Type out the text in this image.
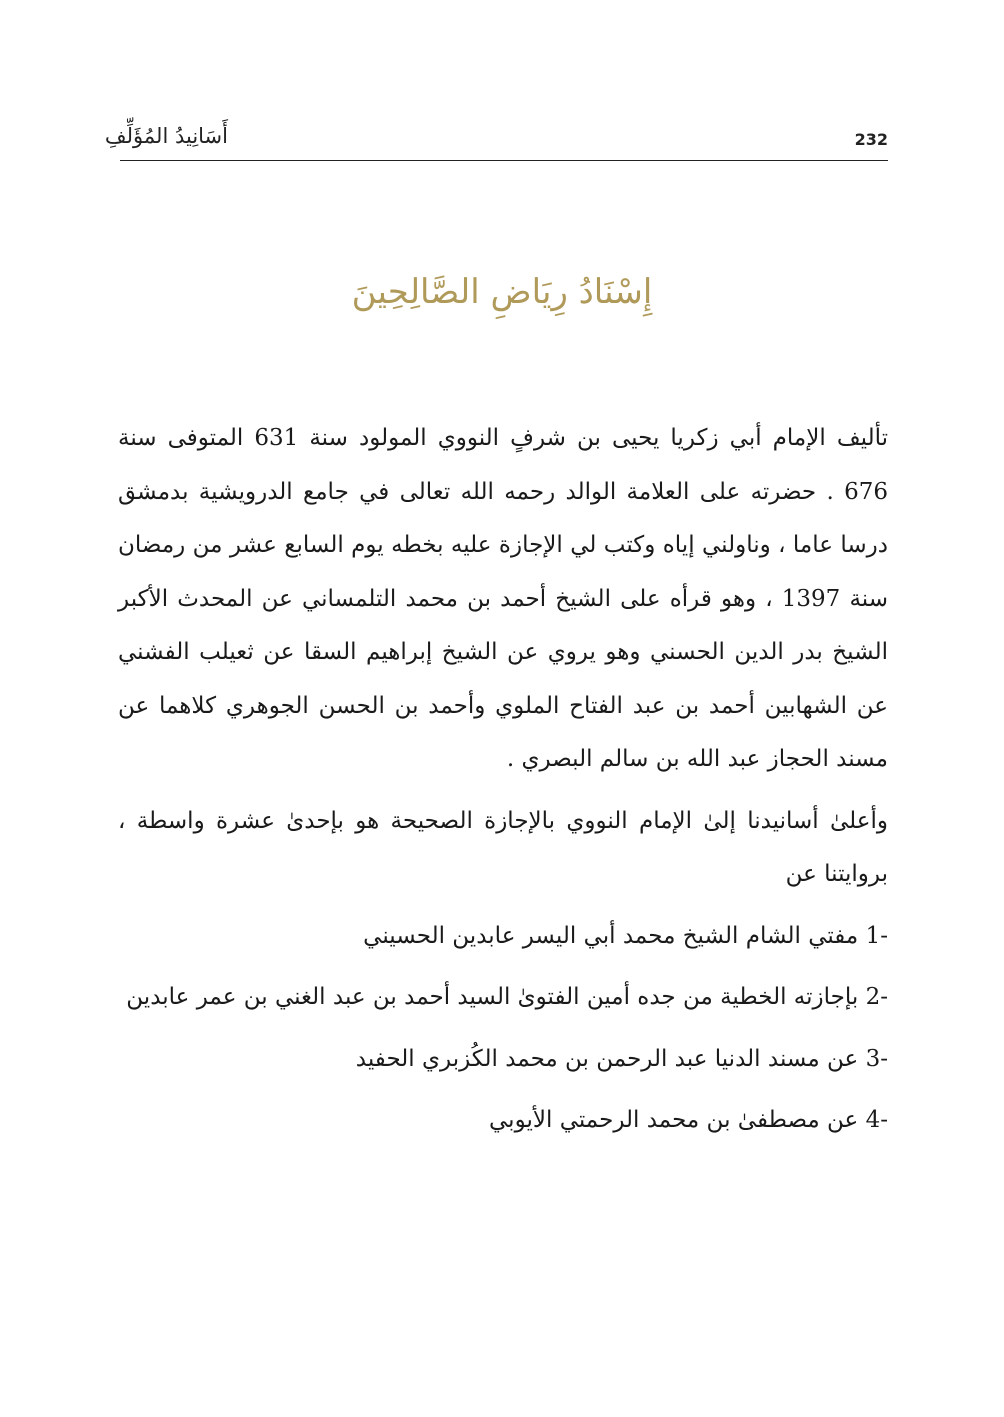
232
أَسَانِيدُ المُؤَلِّفِ
إِسْنَادُ رِيَاضِ الصَّالِحِينَ

تأليف الإمام أبي زكريا يحيى بن شرفٍ النووي المولود سنة 631 المتوفى سنة 676 . حضرته على العلامة الوالد رحمه الله تعالى في جامع الدرويشية بدمشق درسا عاما ، وناولني إياه وكتب لي الإجازة عليه بخطه يوم السابع عشر من رمضان سنة 1397 ، وهو قرأه على الشيخ أحمد بن محمد التلمساني عن المحدث الأكبر الشيخ بدر الدين الحسني وهو يروي عن الشيخ إبراهيم السقا عن ثعيلب الفشني عن الشهابين أحمد بن عبد الفتاح الملوي وأحمد بن الحسن الجوهري كلاهما عن مسند الحجاز عبد الله بن سالم البصري .

وأعلىٰ أسانيدنا إلىٰ الإمام النووي بالإجازة الصحيحة هو بإحدىٰ عشرة واسطة ، بروايتنا عن

-1 مفتي الشام الشيخ محمد أبي اليسر عابدين الحسيني

-2 بإجازته الخطية من جده أمين الفتوىٰ السيد أحمد بن عبد الغني بن عمر عابدين

-3 عن مسند الدنيا عبد الرحمن بن محمد الكُزبري الحفيد

-4 عن مصطفىٰ بن محمد الرحمتي الأيوبي
